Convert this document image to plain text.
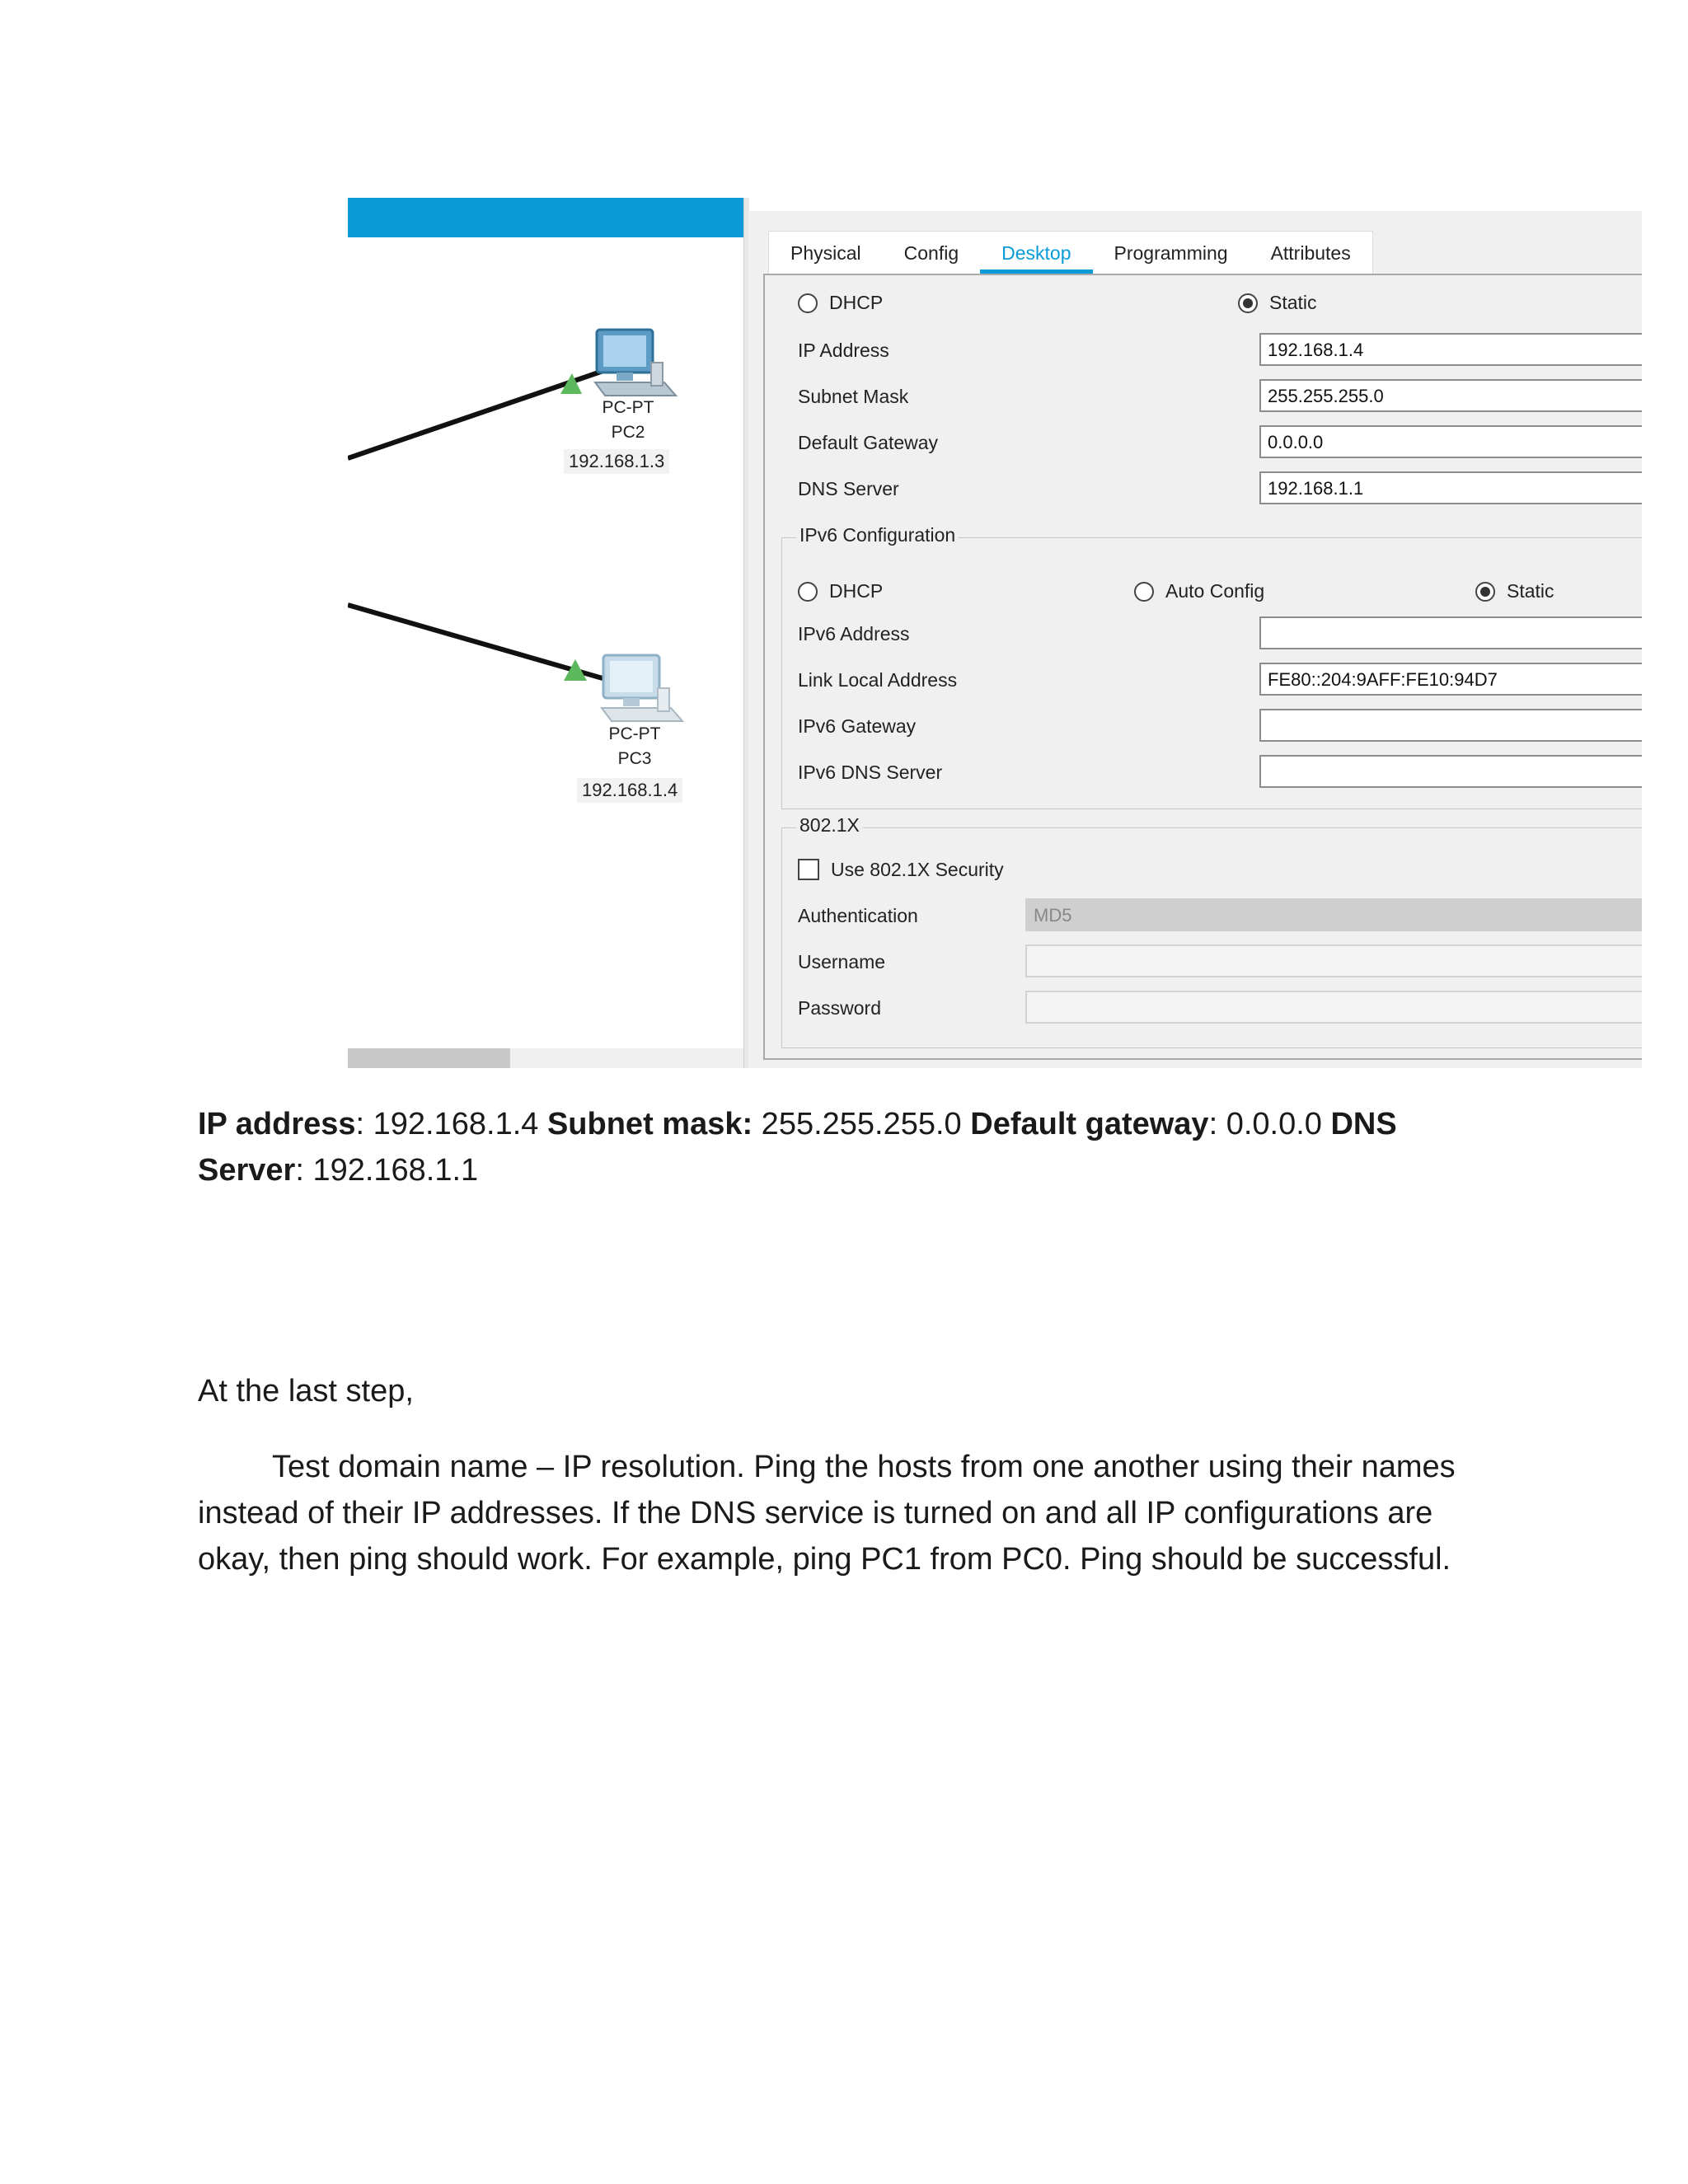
PC-PT
PC2
192.168.1.3
PC-PT
PC3
192.168.1.4
Physical	Config	Desktop	Programming	Attributes
DHCP	Static
IP Address	192.168.1.4
Subnet Mask	255.255.255.0
Default Gateway	0.0.0.0
DNS Server	192.168.1.1
IPv6 Configuration
DHCP	Auto Config	Static
IPv6 Address
Link Local Address	FE80::204:9AFF:FE10:94D7
IPv6 Gateway
IPv6 DNS Server
802.1X
Use 802.1X Security
Authentication	MD5
Username
Password
IP address: 192.168.1.4 Subnet mask: 255.255.255.0 Default gateway: 0.0.0.0 DNS Server: 192.168.1.1
At the last step,
Test domain name – IP resolution. Ping the hosts from one another using their names instead of their IP addresses. If the DNS service is turned on and all IP configurations are okay, then ping should work. For example, ping PC1 from PC0. Ping should be successful.
